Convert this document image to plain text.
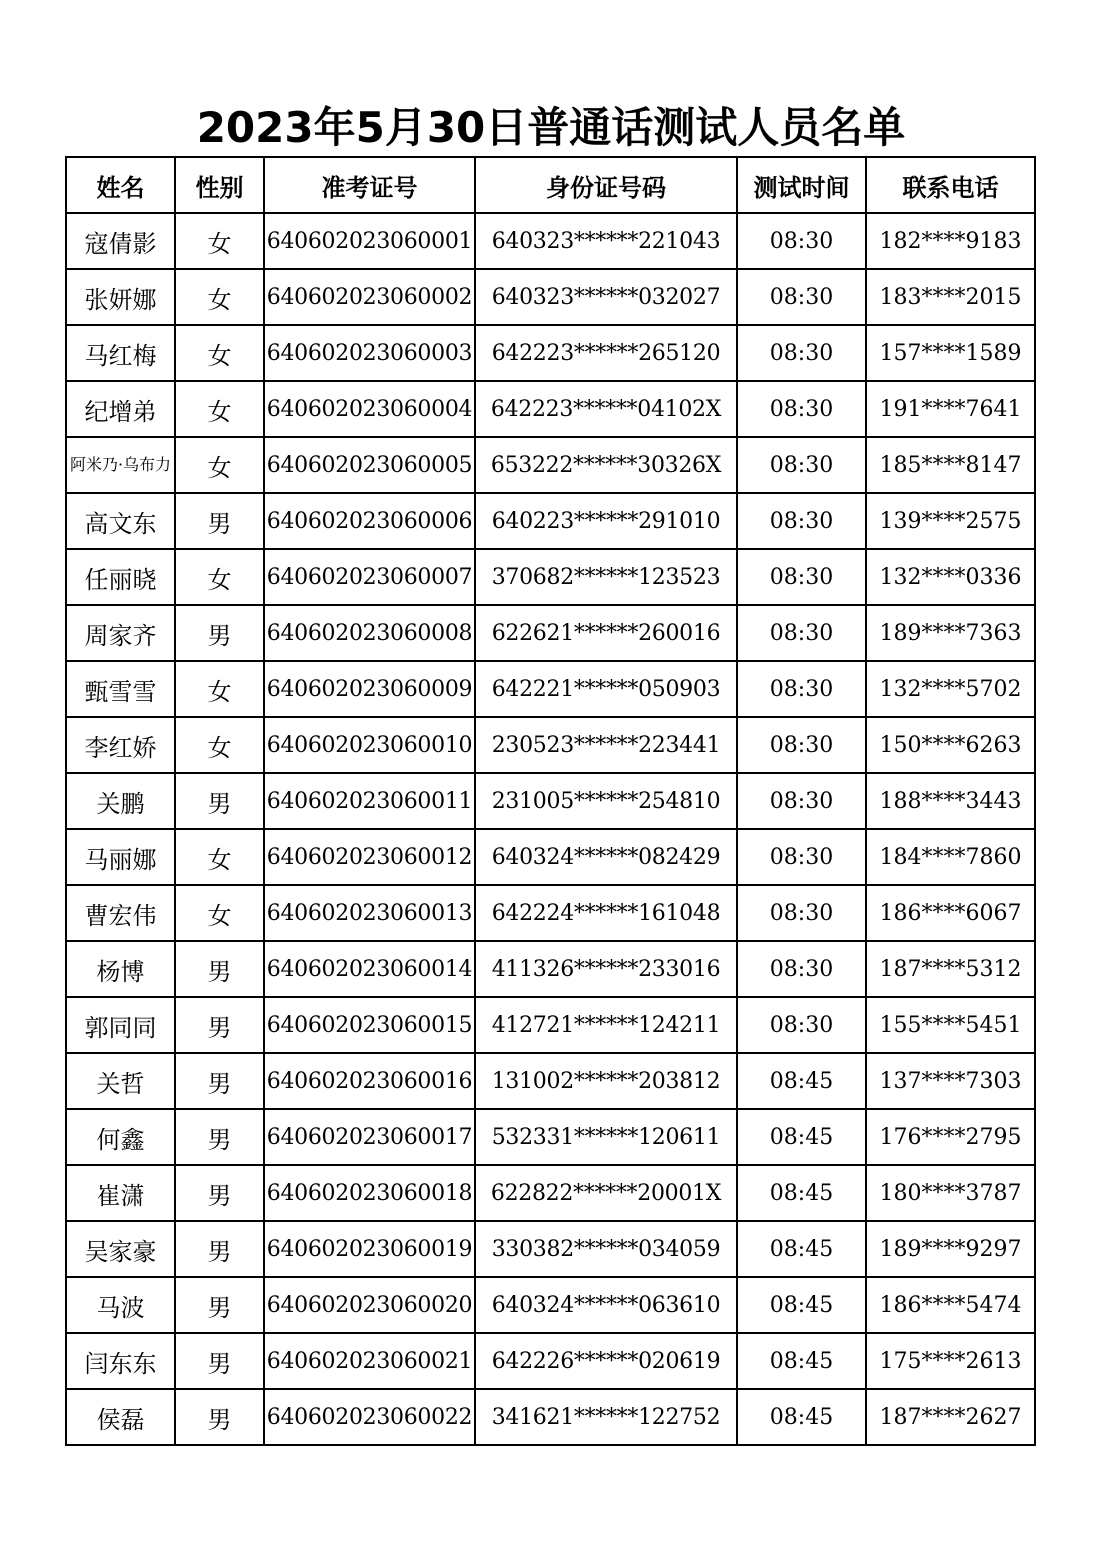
2023年5月30日普通话测试人员名单
姓名	性别	准考证号	身份证号码	测试时间	联系电话
寇倩影	女	640602023060001	640323******221043	08:30	182****9183
张妍娜	女	640602023060002	640323******032027	08:30	183****2015
马红梅	女	640602023060003	642223******265120	08:30	157****1589
纪增弟	女	640602023060004	642223******04102X	08:30	191****7641
阿米乃·乌布力	女	640602023060005	653222******30326X	08:30	185****8147
高文东	男	640602023060006	640223******291010	08:30	139****2575
任丽晓	女	640602023060007	370682******123523	08:30	132****0336
周家齐	男	640602023060008	622621******260016	08:30	189****7363
甄雪雪	女	640602023060009	642221******050903	08:30	132****5702
李红娇	女	640602023060010	230523******223441	08:30	150****6263
关鹏	男	640602023060011	231005******254810	08:30	188****3443
马丽娜	女	640602023060012	640324******082429	08:30	184****7860
曹宏伟	女	640602023060013	642224******161048	08:30	186****6067
杨博	男	640602023060014	411326******233016	08:30	187****5312
郭同同	男	640602023060015	412721******124211	08:30	155****5451
关哲	男	640602023060016	131002******203812	08:45	137****7303
何鑫	男	640602023060017	532331******120611	08:45	176****2795
崔潇	男	640602023060018	622822******20001X	08:45	180****3787
吴家豪	男	640602023060019	330382******034059	08:45	189****9297
马波	男	640602023060020	640324******063610	08:45	186****5474
闫东东	男	640602023060021	642226******020619	08:45	175****2613
侯磊	男	640602023060022	341621******122752	08:45	187****2627
